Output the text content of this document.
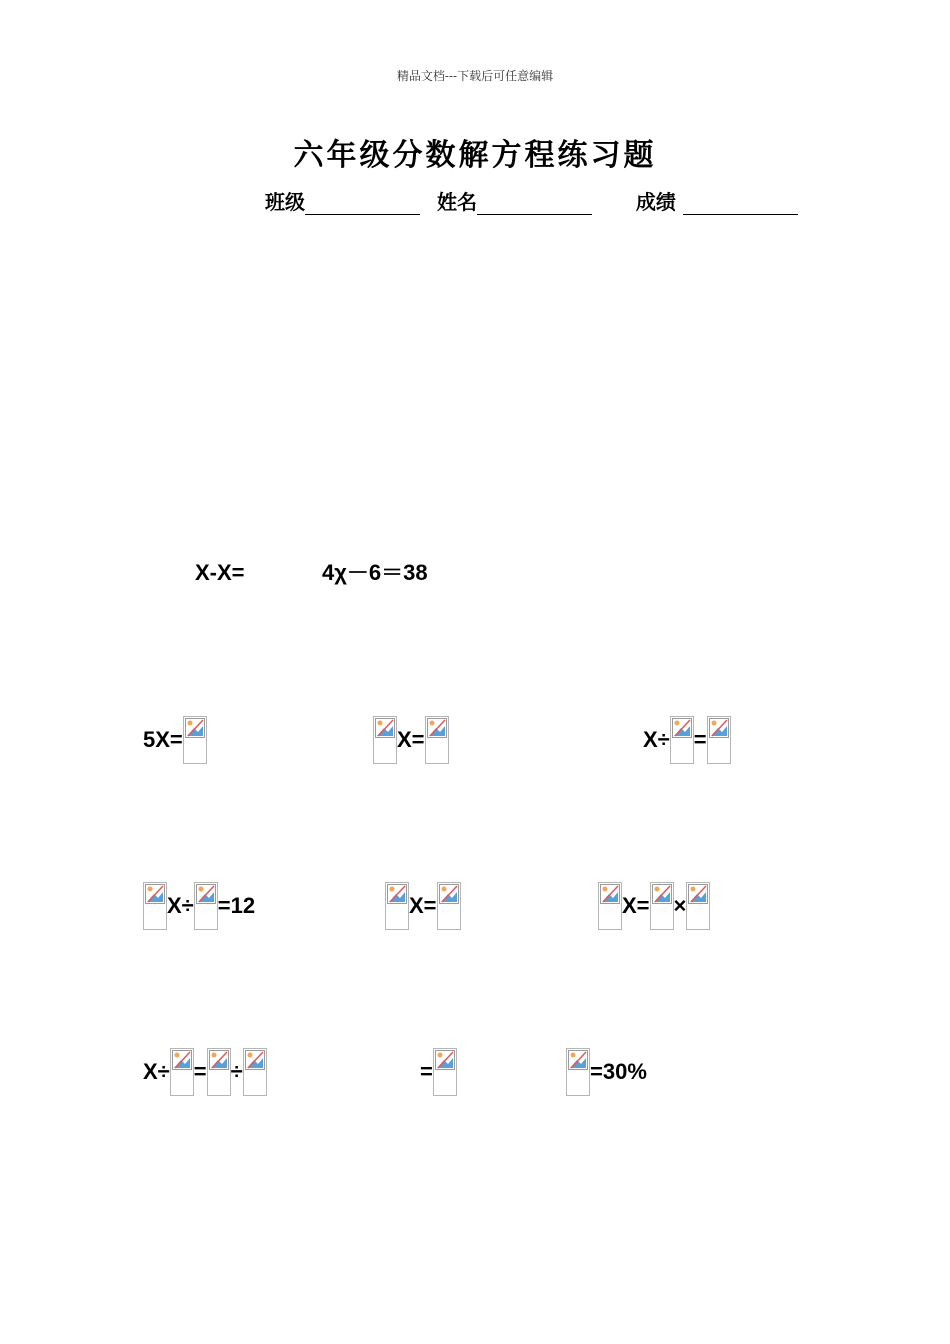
精品文档---下载后可任意编辑
六年级分数解方程练习题
班级	姓名	成绩
X-X=	4χ－6＝38
5X=	X=	X÷ =
X÷ =12	X=	X= ×
X÷ = ÷	=	=30%
